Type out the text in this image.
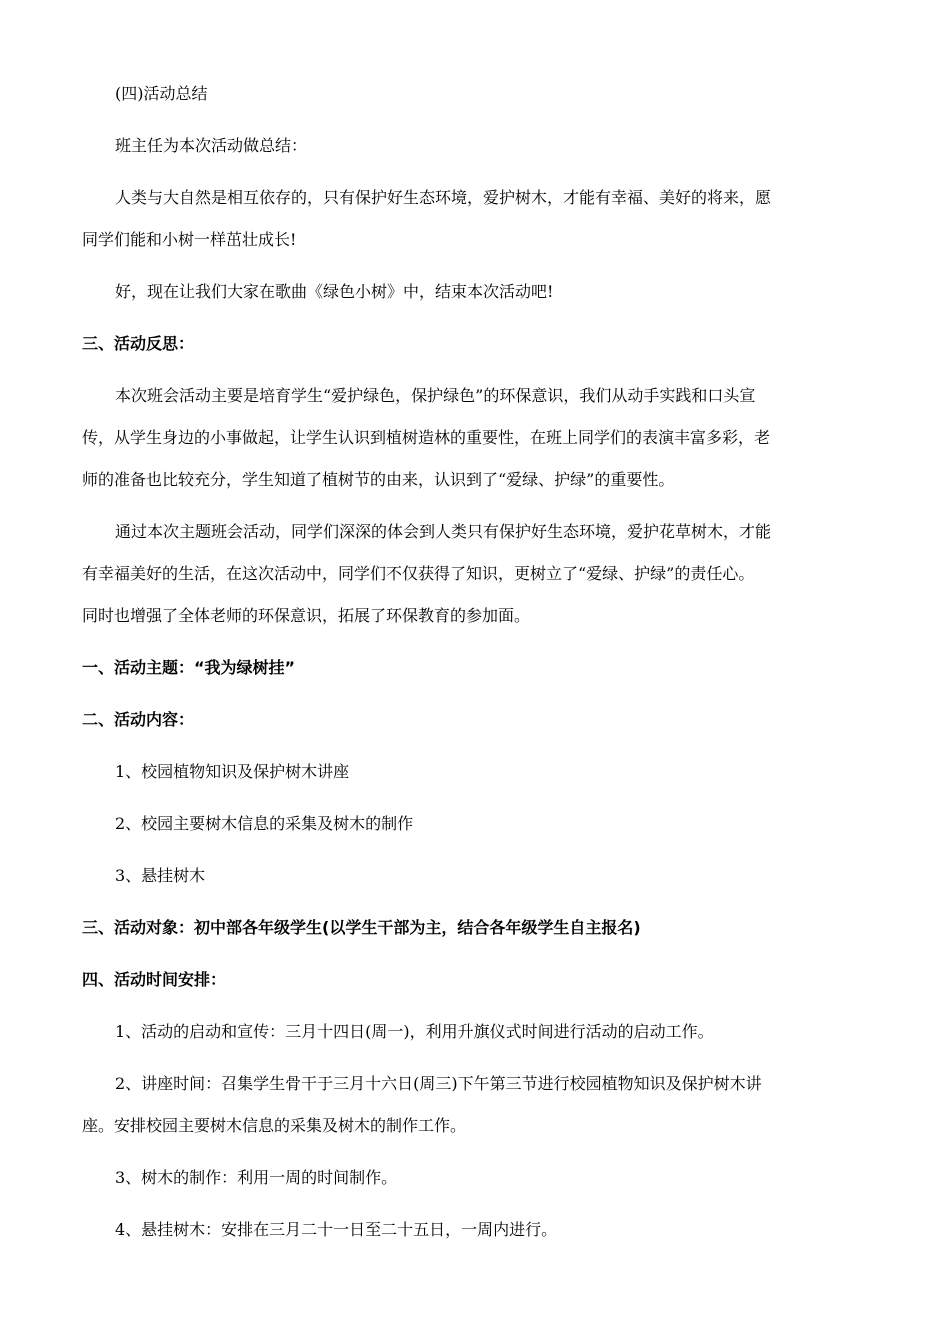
(四)活动总结

班主任为本次活动做总结：

人类与大自然是相互依存的，只有保护好生态环境，爱护树木，才能有幸福、美好的将来，愿

同学们能和小树一样茁壮成长!

好，现在让我们大家在歌曲《绿色小树》中，结束本次活动吧!

三、活动反思：

本次班会活动主要是培育学生“爱护绿色，保护绿色”的环保意识，我们从动手实践和口头宣

传，从学生身边的小事做起，让学生认识到植树造林的重要性，在班上同学们的表演丰富多彩，老

师的准备也比较充分，学生知道了植树节的由来，认识到了“爱绿、护绿”的重要性。

通过本次主题班会活动，同学们深深的体会到人类只有保护好生态环境，爱护花草树木，才能

有幸福美好的生活，在这次活动中，同学们不仅获得了知识，更树立了“爱绿、护绿”的责任心。

同时也增强了全体老师的环保意识，拓展了环保教育的参加面。

一、活动主题：“我为绿树挂”

二、活动内容：

1、校园植物知识及保护树木讲座

2、校园主要树木信息的采集及树木的制作

3、悬挂树木

三、活动对象：初中部各年级学生(以学生干部为主，结合各年级学生自主报名)

四、活动时间安排：

1、活动的启动和宣传：三月十四日(周一)，利用升旗仪式时间进行活动的启动工作。

2、讲座时间：召集学生骨干于三月十六日(周三)下午第三节进行校园植物知识及保护树木讲

座。安排校园主要树木信息的采集及树木的制作工作。

3、树木的制作：利用一周的时间制作。

4、悬挂树木：安排在三月二十一日至二十五日，一周内进行。
